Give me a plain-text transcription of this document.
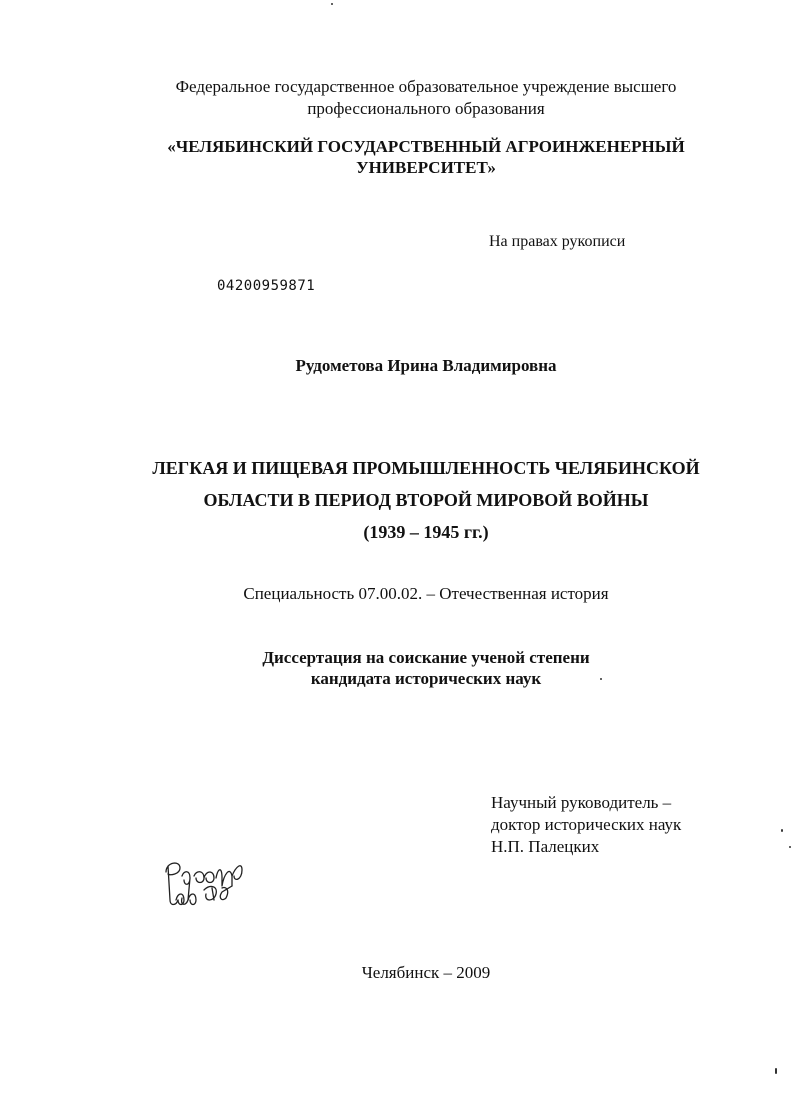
Федеральное государственное образовательное учреждение высшего
профессионального образования
«ЧЕЛЯБИНСКИЙ ГОСУДАРСТВЕННЫЙ АГРОИНЖЕНЕРНЫЙ
УНИВЕРСИТЕТ»
На правах рукописи
04200959871
Рудометова Ирина Владимировна
ЛЕГКАЯ И ПИЩЕВАЯ ПРОМЫШЛЕННОСТЬ ЧЕЛЯБИНСКОЙ
ОБЛАСТИ В ПЕРИОД ВТОРОЙ МИРОВОЙ ВОЙНЫ
(1939 – 1945 гг.)
Специальность 07.00.02. – Отечественная история
Диссертация на соискание ученой степени
кандидата исторических наук
Научный руководитель –
доктор исторических наук
Н.П. Палецких
Челябинск – 2009
